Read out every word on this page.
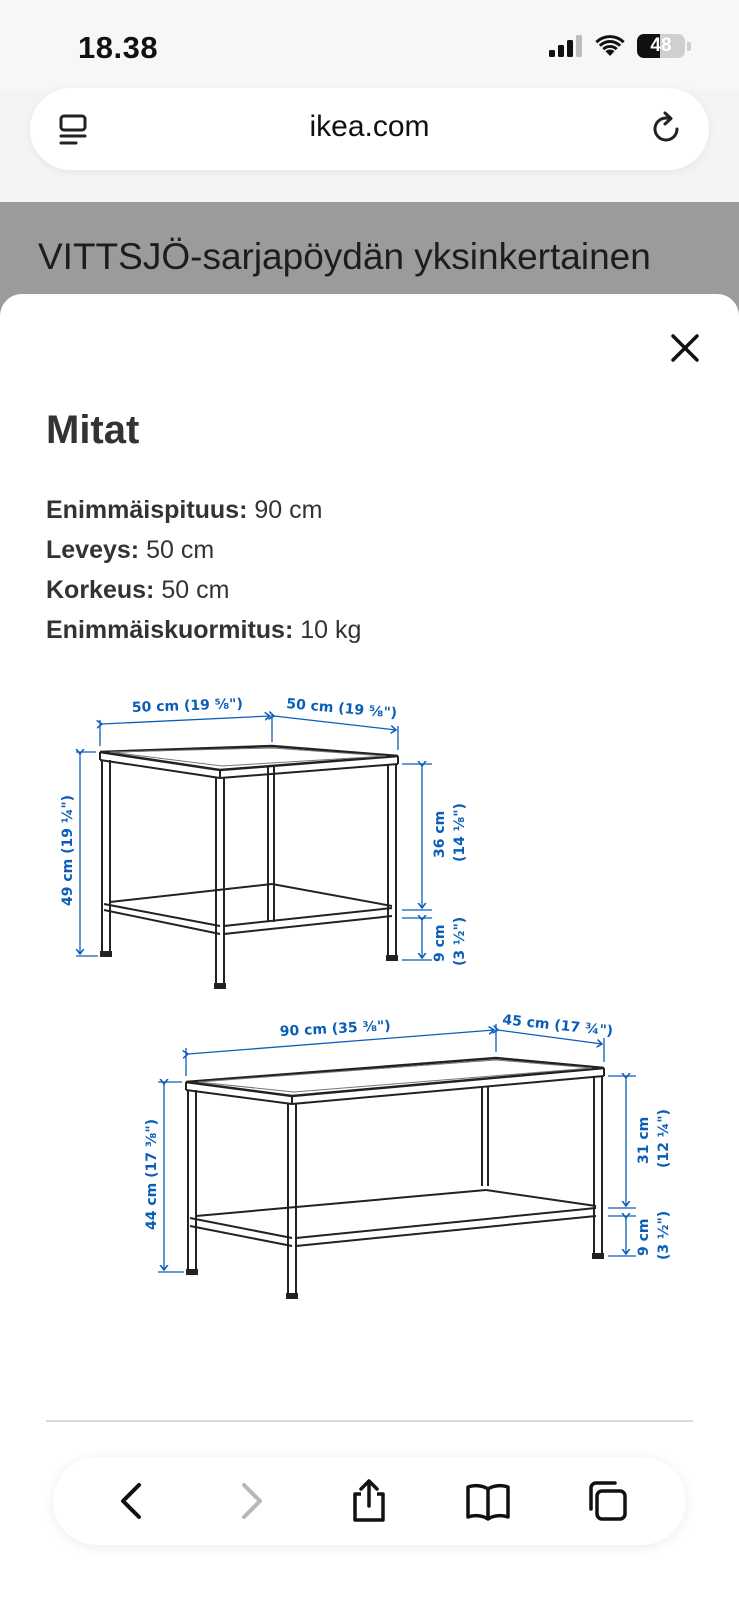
18.38	48
ikea.com
VITTSJÖ-sarjapöydän yksinkertainen
Mitat
Enimmäispituus: 90 cm
Leveys: 50 cm
Korkeus: 50 cm
Enimmäiskuormitus: 10 kg
50 cm (19 ⅝")	50 cm (19 ⅝")
49 cm (19 ¼")	36 cm (14 ⅛")
9 cm (3 ½")
90 cm (35 ⅜")	45 cm (17 ¾")
44 cm (17 ⅜")	31 cm (12 ¼")
9 cm (3 ½")
